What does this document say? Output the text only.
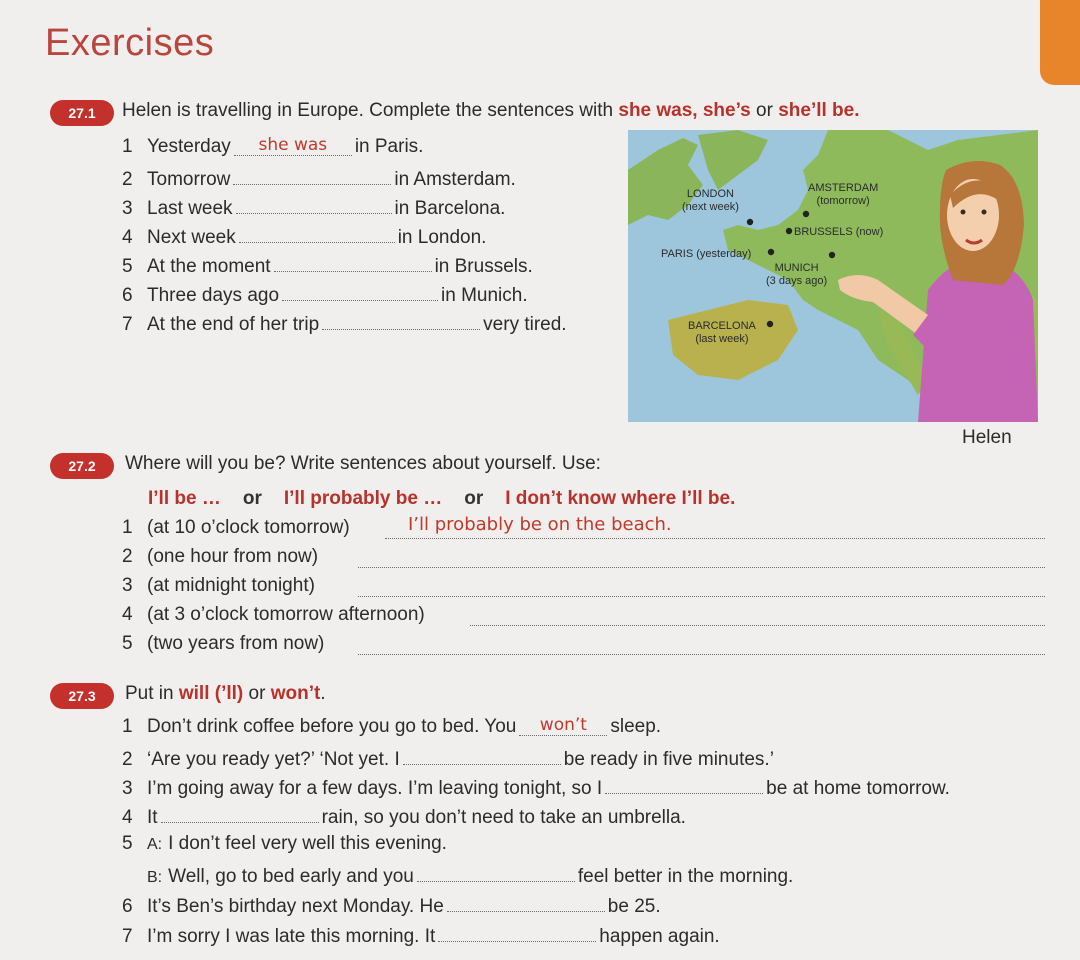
Exercises
27.1	Helen is travelling in Europe. Complete the sentences with she was, she’s or she’ll be.
1 Yesterday she was in Paris.
2 Tomorrow	in Amsterdam.
3 Last week	in Barcelona.
4 Next week	in London.
5 At the moment	in Brussels.
6 Three days ago	in Munich.
7 At the end of her trip	very tired.
LONDON
(next week)
AMSTERDAM
(tomorrow)
BRUSSELS (now)
PARIS (yesterday)
MUNICH
(3 days ago)
BARCELONA
(last week)
Helen
27.2	Where will you be? Write sentences about yourself. Use:
I’ll be … or I’ll probably be … or I don’t know where I’ll be.
1 (at 10 o’clock tomorrow)	I’ll probably be on the beach.
2 (one hour from now)
3 (at midnight tonight)
4 (at 3 o’clock tomorrow afternoon)
5 (two years from now)
27.3	Put in will (’ll) or won’t.
1 Don’t drink coffee before you go to bed. You won’t sleep.
2 ‘Are you ready yet?’ ‘Not yet. I	be ready in five minutes.’
3 I’m going away for a few days. I’m leaving tonight, so I	be at home tomorrow.
4 It	rain, so you don’t need to take an umbrella.
5 A: I don’t feel very well this evening.
B: Well, go to bed early and you	feel better in the morning.
6 It’s Ben’s birthday next Monday. He	be 25.
7 I’m sorry I was late this morning. It	happen again.
